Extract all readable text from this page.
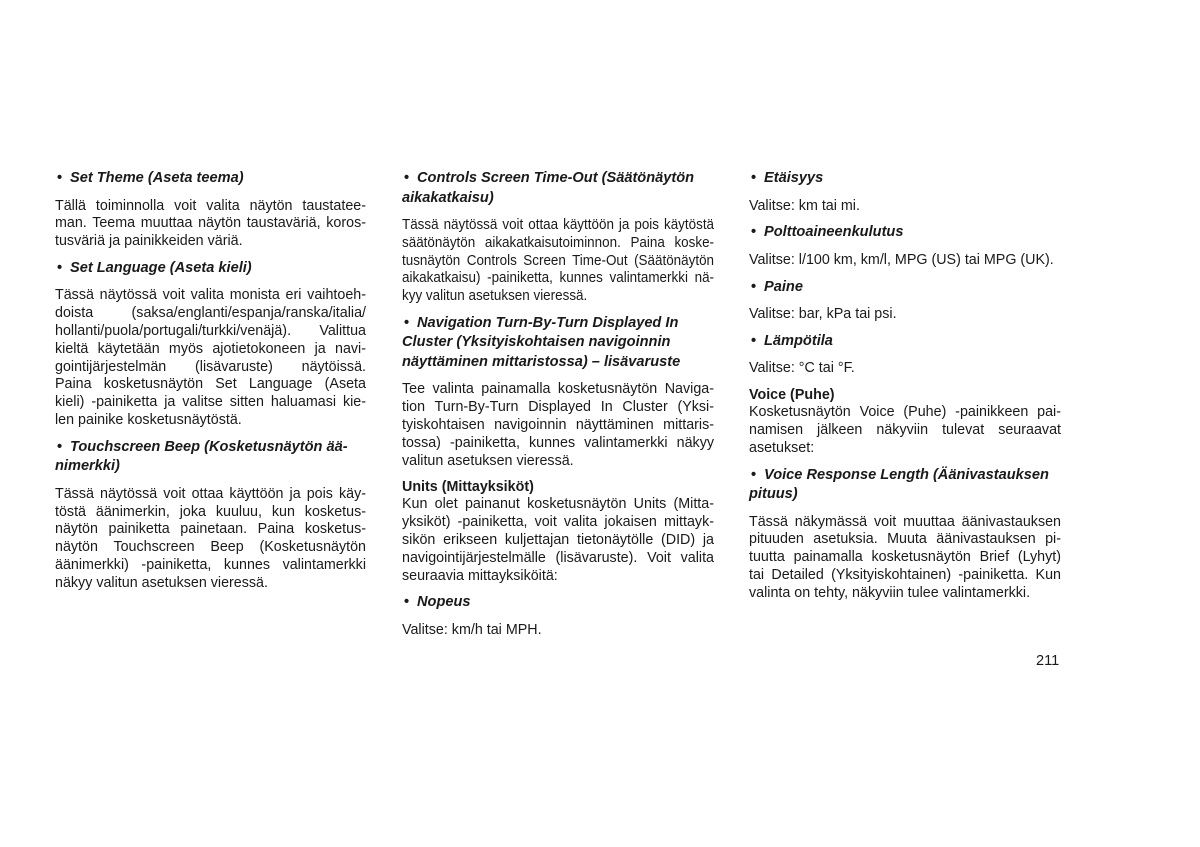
• Set Theme (Aseta teema)
Tällä toiminnolla voit valita näytön taustatee-
man. Teema muuttaa näytön taustaväriä, koros-
tusväriä ja painikkeiden väriä.
• Set Language (Aseta kieli)
Tässä näytössä voit valita monista eri vaihtoeh-
doista (saksa/englanti/espanja/ranska/italia/
hollanti/puola/portugali/turkki/venäjä). Valittua
kieltä käytetään myös ajotietokoneen ja navi-
gointijärjestelmän (lisävaruste) näytöissä.
Paina kosketusnäytön Set Language (Aseta
kieli) -painiketta ja valitse sitten haluamasi kie-
len painike kosketusnäytöstä.
• Touchscreen Beep (Kosketusnäytön ää-
nimerkki)
Tässä näytössä voit ottaa käyttöön ja pois käy-
töstä äänimerkin, joka kuuluu, kun kosketus-
näytön painiketta painetaan. Paina kosketus-
näytön Touchscreen Beep (Kosketusnäytön
äänimerkki) -painiketta, kunnes valintamerkki
näkyy valitun asetuksen vieressä.
• Controls Screen Time-Out (Säätönäytön
aikakatkaisu)
Tässä näytössä voit ottaa käyttöön ja pois käytöstä
säätönäytön aikakatkaisutoiminnon. Paina koske-
tusnäytön Controls Screen Time-Out (Säätönäytön
aikakatkaisu) -painiketta, kunnes valintamerkki nä-
kyy valitun asetuksen vieressä.
• Navigation Turn-By-Turn Displayed In
Cluster (Yksityiskohtaisen navigoinnin
näyttäminen mittaristossa) – lisävaruste
Tee valinta painamalla kosketusnäytön Naviga-
tion Turn-By-Turn Displayed In Cluster (Yksi-
tyiskohtaisen navigoinnin näyttäminen mittaris-
tossa) -painiketta, kunnes valintamerkki näkyy
valitun asetuksen vieressä.
Units (Mittayksiköt)
Kun olet painanut kosketusnäytön Units (Mitta-
yksiköt) -painiketta, voit valita jokaisen mittayk-
sikön erikseen kuljettajan tietonäytölle (DID) ja
navigointijärjestelmälle (lisävaruste). Voit valita
seuraavia mittayksiköitä:
• Nopeus
Valitse: km/h tai MPH.
• Etäisyys
Valitse: km tai mi.
• Polttoaineenkulutus
Valitse: l/100 km, km/l, MPG (US) tai MPG (UK).
• Paine
Valitse: bar, kPa tai psi.
• Lämpötila
Valitse: °C tai °F.
Voice (Puhe)
Kosketusnäytön Voice (Puhe) -painikkeen pai-
namisen jälkeen näkyviin tulevat seuraavat
asetukset:
• Voice Response Length (Äänivastauksen
pituus)
Tässä näkymässä voit muuttaa äänivastauksen
pituuden asetuksia. Muuta äänivastauksen pi-
tuutta painamalla kosketusnäytön Brief (Lyhyt)
tai Detailed (Yksityiskohtainen) -painiketta. Kun
valinta on tehty, näkyviin tulee valintamerkki.
211
